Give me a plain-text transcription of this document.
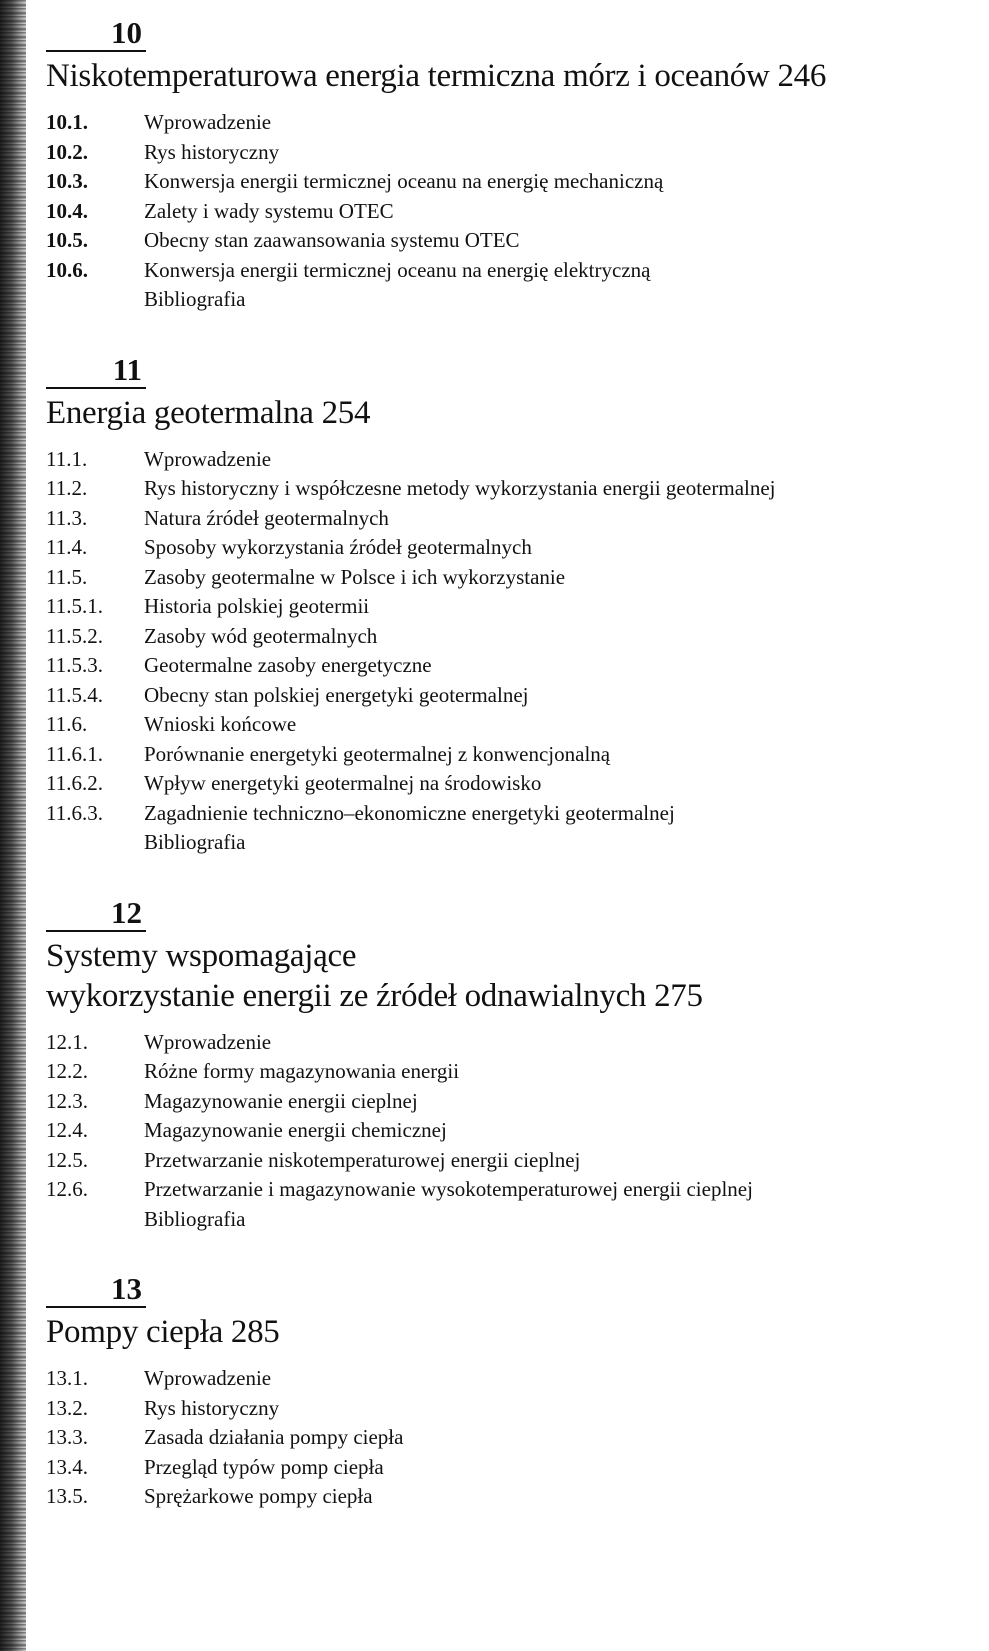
10
Niskotemperaturowa energia termiczna mórz i oceanów 246
10.1.	Wprowadzenie
10.2.	Rys historyczny
10.3.	Konwersja energii termicznej oceanu na energię mechaniczną
10.4.	Zalety i wady systemu OTEC
10.5.	Obecny stan zaawansowania systemu OTEC
10.6.	Konwersja energii termicznej oceanu na energię elektryczną
Bibliografia
11
Energia geotermalna 254
11.1.	Wprowadzenie
11.2.	Rys historyczny i współczesne metody wykorzystania energii geotermalnej
11.3.	Natura źródeł geotermalnych
11.4.	Sposoby wykorzystania źródeł geotermalnych
11.5.	Zasoby geotermalne w Polsce i ich wykorzystanie
11.5.1.	Historia polskiej geotermii
11.5.2.	Zasoby wód geotermalnych
11.5.3.	Geotermalne zasoby energetyczne
11.5.4.	Obecny stan polskiej energetyki geotermalnej
11.6.	Wnioski końcowe
11.6.1.	Porównanie energetyki geotermalnej z konwencjonalną
11.6.2.	Wpływ energetyki geotermalnej na środowisko
11.6.3.	Zagadnienie techniczno–ekonomiczne energetyki geotermalnej
Bibliografia
12
Systemy wspomagające
wykorzystanie energii ze źródeł odnawialnych 275
12.1.	Wprowadzenie
12.2.	Różne formy magazynowania energii
12.3.	Magazynowanie energii cieplnej
12.4.	Magazynowanie energii chemicznej
12.5.	Przetwarzanie niskotemperaturowej energii cieplnej
12.6.	Przetwarzanie i magazynowanie wysokotemperaturowej energii cieplnej
Bibliografia
13
Pompy ciepła 285
13.1.	Wprowadzenie
13.2.	Rys historyczny
13.3.	Zasada działania pompy ciepła
13.4.	Przegląd typów pomp ciepła
13.5.	Sprężarkowe pompy ciepła
